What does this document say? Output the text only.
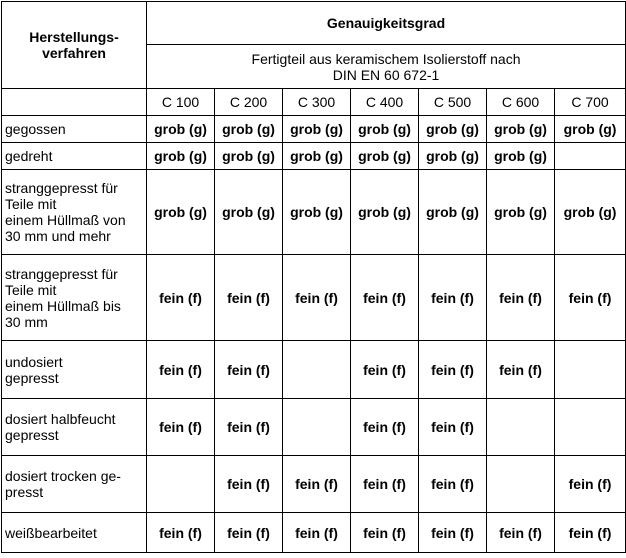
Herstellungs-
verfahren	Genauigkeitsgrad						

	Fertigteil aus keramischem Isolierstoff nach
DIN EN 60 672-1						

	C 100	C 200	C 300	C 400	C 500	C 600	C 700

gegossen	grob (g)	grob (g)	grob (g)	grob (g)	grob (g)	grob (g)	grob (g)

gedreht	grob (g)	grob (g)	grob (g)	grob (g)	grob (g)	grob (g)	

stranggepresst für
Teile mit
einem Hüllmaß von
30 mm und mehr	grob (g)	grob (g)	grob (g)	grob (g)	grob (g)	grob (g)	grob (g)

stranggepresst für
Teile mit
einem Hüllmaß bis
30 mm	fein (f)	fein (f)	fein (f)	fein (f)	fein (f)	fein (f)	fein (f)

undosiert
gepresst	fein (f)	fein (f)		fein (f)	fein (f)	fein (f)	

dosiert halbfeucht
gepresst	fein (f)	fein (f)		fein (f)	fein (f)		

dosiert trocken ge-
presst		fein (f)	fein (f)	fein (f)	fein (f)		fein (f)

weißbearbeitet	fein (f)	fein (f)	fein (f)	fein (f)	fein (f)	fein (f)	fein (f)
